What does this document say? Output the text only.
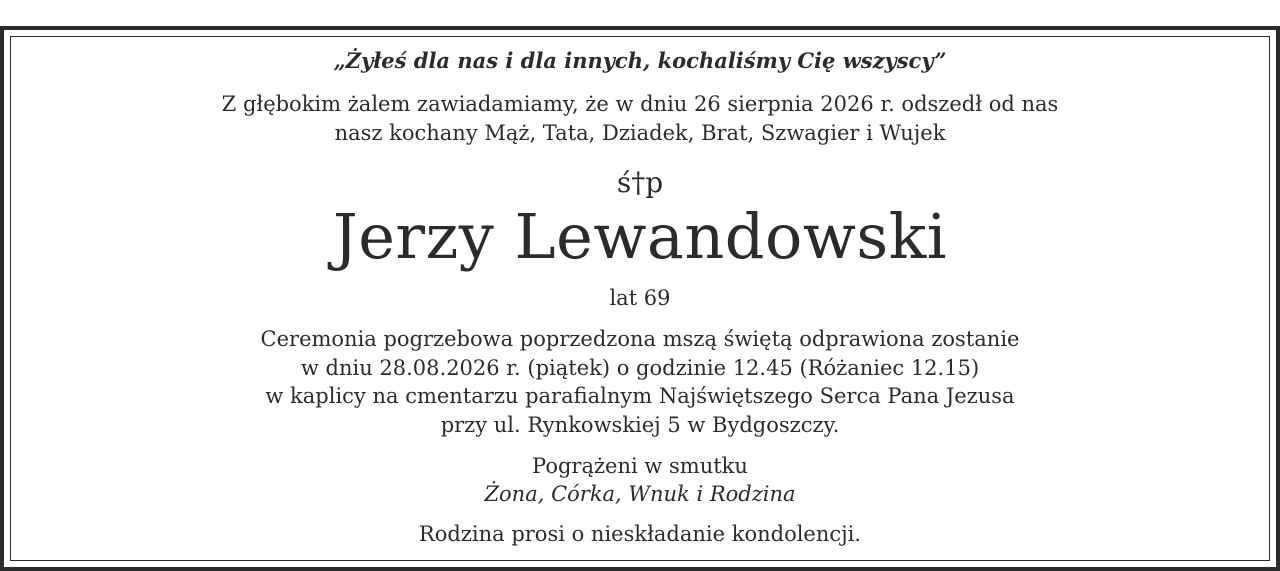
„Żyłeś dla nas i dla innych, kochaliśmy Cię wszyscy”
Z głębokim żalem zawiadamiamy, że w dniu 26 sierpnia 2026 r. odszedł od nas
nasz kochany Mąż, Tata, Dziadek, Brat, Szwagier i Wujek
ś†p
Jerzy Lewandowski
lat 69
Ceremonia pogrzebowa poprzedzona mszą świętą odprawiona zostanie
w dniu 28.08.2026 r. (piątek) o godzinie 12.45 (Różaniec 12.15)
w kaplicy na cmentarzu parafialnym Najświętszego Serca Pana Jezusa
przy ul. Rynkowskiej 5 w Bydgoszczy.
Pogrążeni w smutku
Żona, Córka, Wnuk i Rodzina
Rodzina prosi o nieskładanie kondolencji.
